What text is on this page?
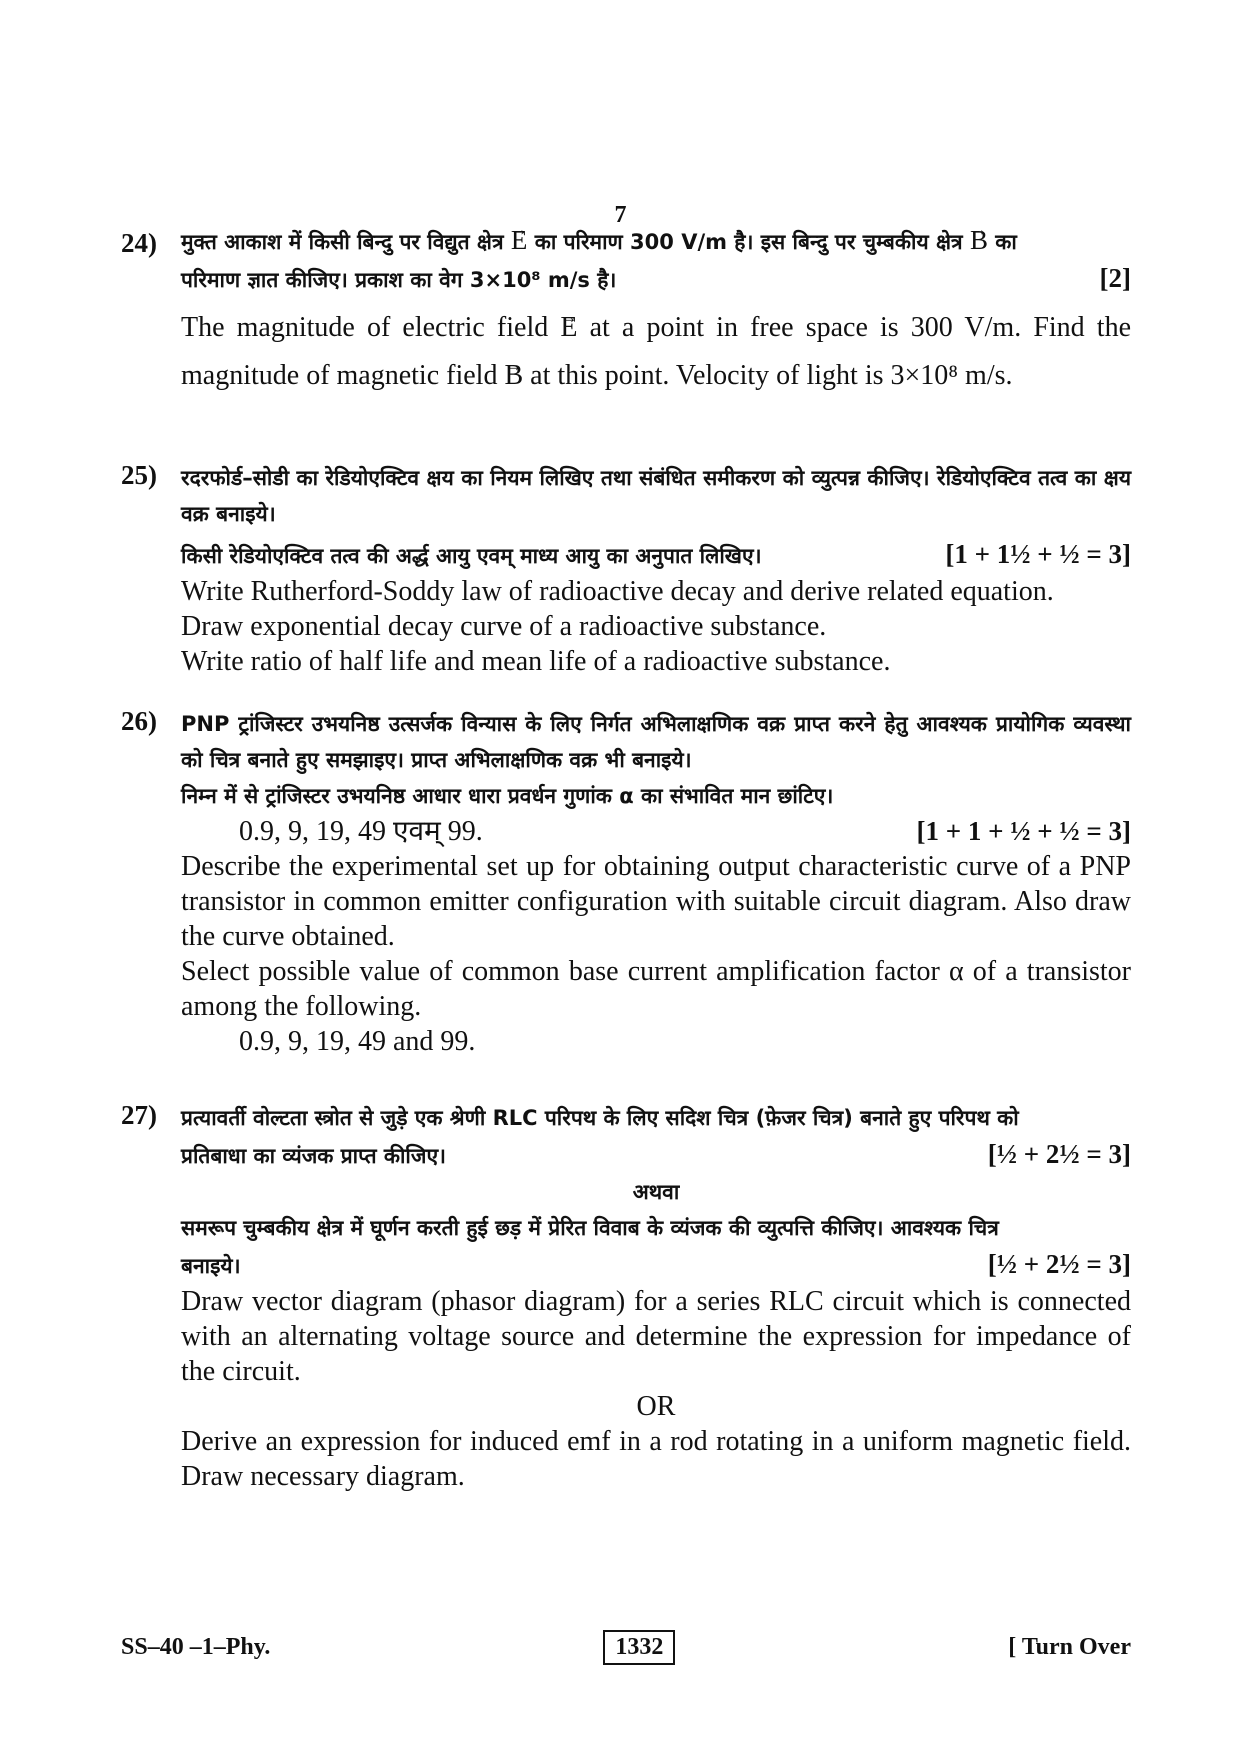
7
24) मुक्त आकाश में किसी बिन्दु पर विद्युत क्षेत्र → E का परिमाण 300 V/m है। इस बिन्दु पर चुम्बकीय क्षेत्र → B का
परिमाण ज्ञात कीजिए। प्रकाश का वेग 3×10⁸ m/s है।	[2]
The magnitude of electric field → E at a point in free space is 300 V/m. Find the magnitude of magnetic field → B at this point. Velocity of light is 3×10⁸ m/s.
25) रदरफोर्ड–सोडी का रेडियोएक्टिव क्षय का नियम लिखिए तथा संबंधित समीकरण को व्युत्पन्न कीजिए। रेडियोएक्टिव तत्व का क्षय वक्र बनाइये।
किसी रेडियोएक्टिव तत्व की अर्द्ध आयु एवम् माध्य आयु का अनुपात लिखिए।	[1 + 1½ + ½ = 3]
Write Rutherford-Soddy law of radioactive decay and derive related equation.
Draw exponential decay curve of a radioactive substance.
Write ratio of half life and mean life of a radioactive substance.
26) PNP ट्रांजिस्टर उभयनिष्ठ उत्सर्जक विन्यास के लिए निर्गत अभिलाक्षणिक वक्र प्राप्त करने हेतु आवश्यक प्रायोगिक व्यवस्था को चित्र बनाते हुए समझाइए। प्राप्त अभिलाक्षणिक वक्र भी बनाइये।
निम्न में से ट्रांजिस्टर उभयनिष्ठ आधार धारा प्रवर्धन गुणांक α का संभावित मान छांटिए।
0.9, 9, 19, 49 एवम् 99.	[1 + 1 + ½ + ½ = 3]
Describe the experimental set up for obtaining output characteristic curve of a PNP transistor in common emitter configuration with suitable circuit diagram. Also draw the curve obtained.
Select possible value of common base current amplification factor α of a transistor among the following.
0.9, 9, 19, 49 and 99.
27) प्रत्यावर्ती वोल्टता स्त्रोत से जुड़े एक श्रेणी RLC परिपथ के लिए सदिश चित्र (फ़ेजर चित्र) बनाते हुए परिपथ को
प्रतिबाधा का व्यंजक प्राप्त कीजिए।	[½ + 2½ = 3]
अथवा
समरूप चुम्बकीय क्षेत्र में घूर्णन करती हुई छड़ में प्रेरित विवाब के व्यंजक की व्युत्पत्ति कीजिए। आवश्यक चित्र
बनाइये।	[½ + 2½ = 3]
Draw vector diagram (phasor diagram) for a series RLC circuit which is connected with an alternating voltage source and determine the expression for impedance of the circuit.
OR
Derive an expression for induced emf in a rod rotating in a uniform magnetic field. Draw necessary diagram.
SS–40 –1–Phy.	1332	[ Turn Over
